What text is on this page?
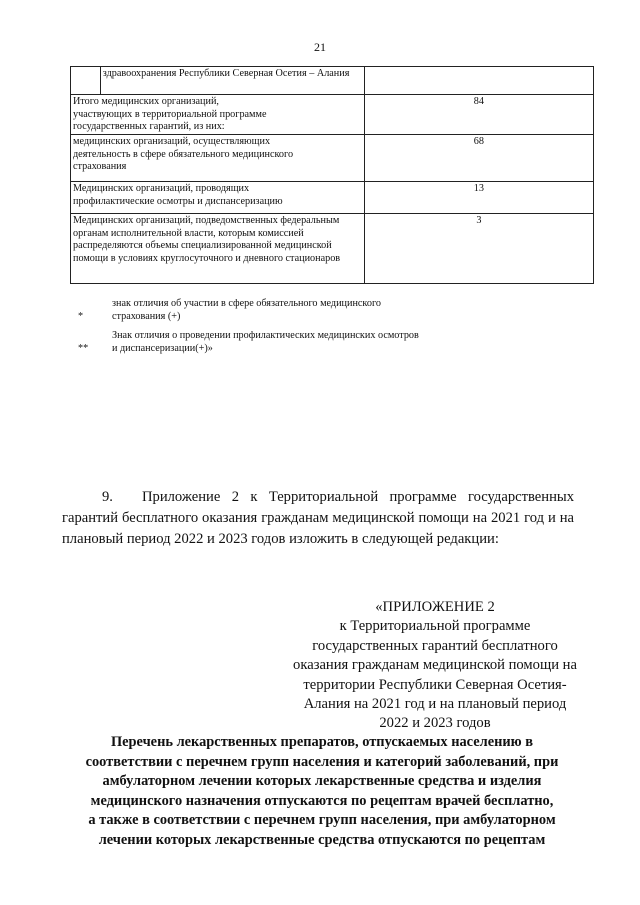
21
	здравоохранения Республики Северная Осетия – Алания	
Итого медицинских организаций, участвующих в территориальной программе государственных гарантий, из них:		84
медицинских организаций, осуществляющих деятельность в сфере обязательного медицинского страхования		68
Медицинских организаций, проводящих профилактические осмотры и диспансеризацию		13
Медицинских организаций, подведомственных федеральным органам исполнительной власти, которым комиссией распределяются объемы специализированной медицинской помощи в условиях круглосуточного и дневного стационаров		3
*
знак отличия об участии в сфере обязательного медицинского
страхования (+)
**
Знак отличия о проведении профилактических медицинских осмотров
и диспансеризации(+)»
9. Приложение 2 к Территориальной программе государственных гарантий бесплатного оказания гражданам медицинской помощи на 2021 год и на плановый период 2022 и 2023 годов изложить в следующей редакции:
«ПРИЛОЖЕНИЕ 2
к Территориальной программе
государственных гарантий бесплатного
оказания гражданам медицинской помощи на
территории Республики Северная Осетия-
Алания на 2021 год и на плановый период
2022 и 2023 годов
Перечень лекарственных препаратов, отпускаемых населению в
соответствии с перечнем групп населения и категорий заболеваний, при
амбулаторном лечении которых лекарственные средства и изделия
медицинского назначения отпускаются по рецептам врачей бесплатно,
а также в соответствии с перечнем групп населения, при амбулаторном
лечении которых лекарственные средства отпускаются по рецептам
